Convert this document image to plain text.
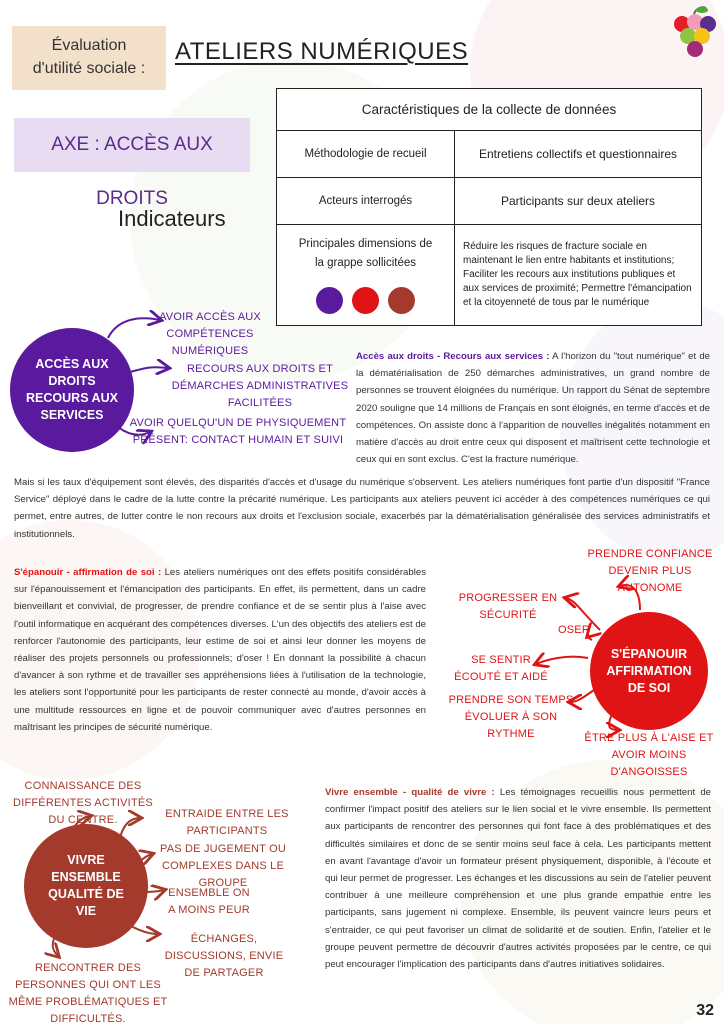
Évaluation
d'utilité sociale :
ATELIERS NUMÉRIQUES
AXE : ACCÈS AUX DROITS
Indicateurs
Caractéristiques de la collecte de données	
Méthodologie de recueil	Entretiens collectifs et questionnaires
Acteurs interrogés	Participants sur deux ateliers

Principales dimensions de la grappe sollicitées	Réduire les risques de fracture sociale en maintenant le lien entre habitants et institutions; Faciliter les recours aux institutions publiques et aux services de proximité; Permettre l'émancipation et la citoyenneté de tous par le numérique
ACCÈS AUX DROITS RECOURS AUX SERVICES
AVOIR ACCÈS AUX COMPÉTENCES NUMÉRIQUES
RECOURS AUX DROITS ET DÉMARCHES ADMINISTRATIVES FACILITÉES
AVOIR QUELQU'UN DE PHYSIQUEMENT PRÉSENT: CONTACT HUMAIN ET SUIVI
Accès aux droits - Recours aux services : A l'horizon du "tout numérique" et de la dématérialisation de 250 démarches administratives, un grand nombre de personnes se trouvent éloignées du numérique. Un rapport du Sénat de septembre 2020 souligne que 14 millions de Français en sont éloignés, en terme d'accès et de compétences. On assiste donc à l'apparition de nouvelles inégalités notamment en matière d'accès au droit entre ceux qui disposent et maîtrisent cette technologie et ceux qui en sont exclus. C'est la fracture numérique.
Mais si les taux d'équipement sont élevés, des disparités d'accès et d'usage du numérique s'observent. Les ateliers numériques font partie d'un dispositif "France Service" déployé dans le cadre de la lutte contre la précarité numérique. Les participants aux ateliers peuvent ici accéder à des compétences numériques ce qui permet, entre autres, de lutter contre le non recours aux droits et l'exclusion sociale, exacerbés par la dématérialisation généralisée des services administratifs et institutionnels.
S'épanouir - affirmation de soi : Les ateliers numériques ont des effets positifs considérables sur l'épanouissement et l'émancipation des participants. En effet, ils permettent, dans un cadre bienveillant et convivial, de progresser, de prendre confiance et de se sentir plus à l'aise avec l'outil informatique en acquérant des compétences diverses. L'un des objectifs des ateliers est de renforcer l'autonomie des participants, leur estime de soi et ainsi leur donner les moyens de réaliser des projets personnels ou professionnels; d'oser ! En donnant la possibilité à chacun d'avancer à son rythme et de travailler ses appréhensions liées à l'utilisation de la technologie, les ateliers sont l'opportunité pour les participants de rester connecté au monde, d'avoir accès à une multitude ressources en ligne et de pouvoir communiquer avec d'autres personnes en maîtrisant les principes de sécurité numérique.
S'ÉPANOUIR AFFIRMATION DE SOI
PRENDRE CONFIANCE DEVENIR PLUS AUTONOME
PROGRESSER EN SÉCURITÉ
OSER
SE SENTIR ÉCOUTÉ ET AIDÉ
PRENDRE SON TEMPS ÉVOLUER À SON RYTHME	ÊTRE PLUS À L'AISE ET AVOIR MOINS D'ANGOISSES
VIVRE ENSEMBLE QUALITÉ DE VIE
CONNAISSANCE DES DIFFÉRENTES ACTIVITÉS DU CENTRE.	ENTRAIDE ENTRE LES PARTICIPANTS
PAS DE JUGEMENT OU COMPLEXES DANS LE GROUPE
ENSEMBLE ON A MOINS PEUR
ÉCHANGES, DISCUSSIONS, ENVIE DE PARTAGER
RENCONTRER DES PERSONNES QUI ONT LES MÊME PROBLÉMATIQUES ET DIFFICULTÉS.
Vivre ensemble - qualité de vivre : Les témoignages recueillis nous permettent de confirmer l'impact positif des ateliers sur le lien social et le vivre ensemble. Ils permettent aux participants de rencontrer des personnes qui font face à des problématiques et des difficultés similaires et donc de se sentir moins seul face à cela. Les participants mettent en avant l'avantage d'avoir un formateur présent physiquement, disponible, à l'écoute et qui leur permet de progresser. Les échanges et les discussions au sein de l'atelier peuvent contribuer à une meilleure compréhension et une plus grande empathie entre les participants, sans jugement ni complexe. Ensemble, ils peuvent vaincre leurs peurs et s'entraider, ce qui peut favoriser un climat de solidarité et de soutien. Enfin, l'atelier et le groupe peuvent permettre de découvrir d'autres activités proposées par le centre, ce qui peut encourager l'implication des participants dans d'autres initiatives solidaires.
32
